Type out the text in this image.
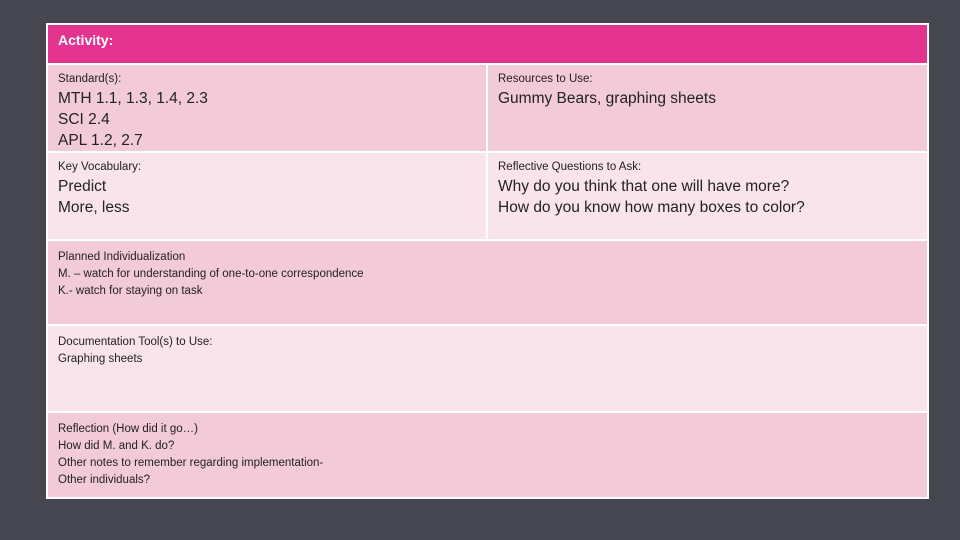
Activity:
Standard(s):
MTH 1.1, 1.3, 1.4, 2.3
SCI 2.4
APL 1.2, 2.7
Resources to Use:
Gummy Bears, graphing sheets
Key Vocabulary:
Predict
More, less
Reflective Questions to Ask:
Why do you think that one will have more?
How do you know how many boxes to color?
Planned Individualization
M. – watch for understanding of one-to-one correspondence
K.- watch for staying on task
Documentation Tool(s) to Use:
Graphing sheets
Reflection (How did it go…)
How did M. and K. do?
Other notes to remember regarding implementation-
Other individuals?
